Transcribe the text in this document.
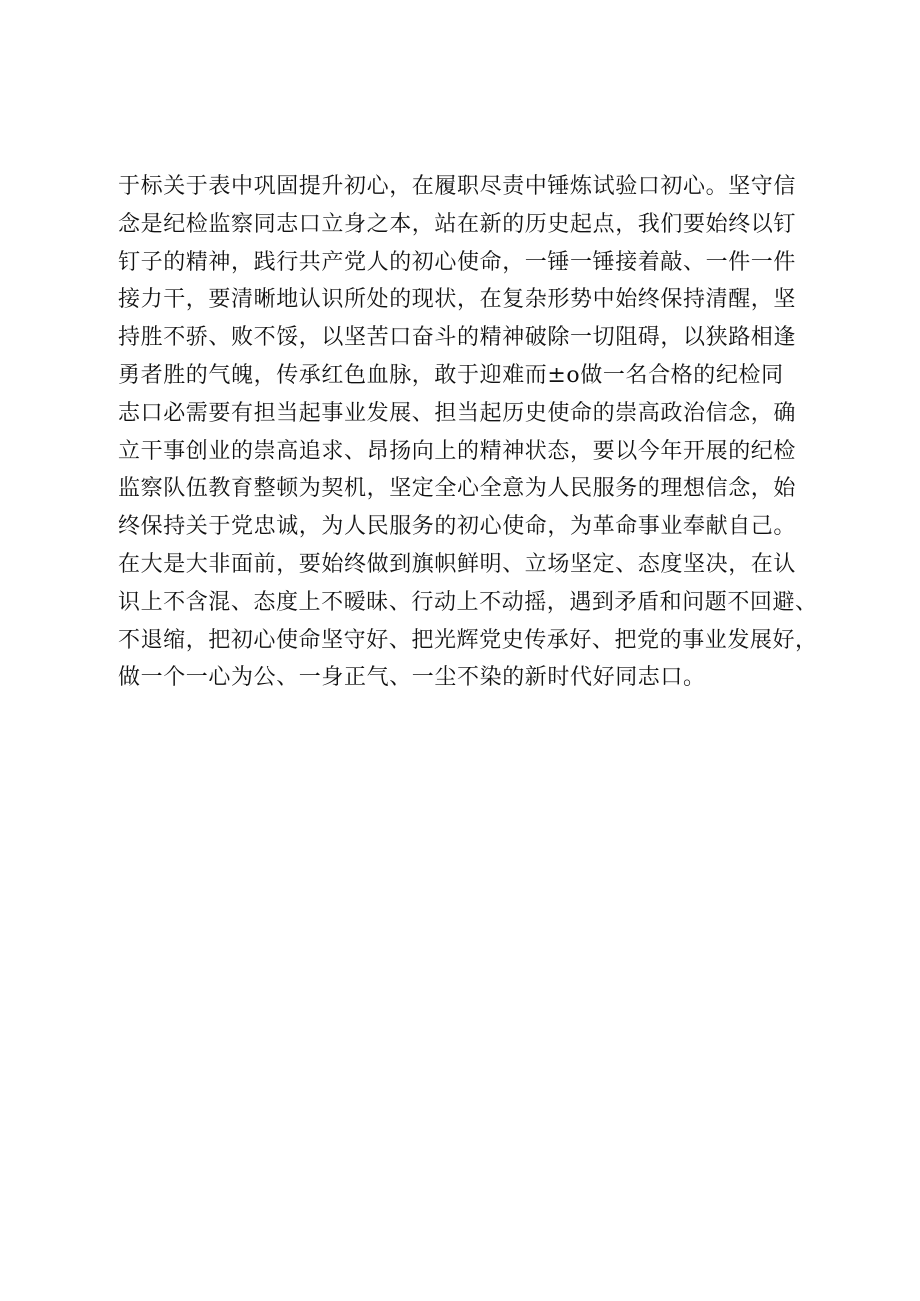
于标关于表中巩固提升初心，在履职尽责中锤炼试验口初心。坚守信
念是纪检监察同志口立身之本，站在新的历史起点，我们要始终以钉
钉子的精神，践行共产党人的初心使命，一锤一锤接着敲、一件一件
接力干，要清晰地认识所处的现状，在复杂形势中始终保持清醒，坚
持胜不骄、败不馁，以坚苦口奋斗的精神破除一切阻碍，以狭路相逢
勇者胜的气魄，传承红色血脉，敢于迎难而±o做一名合格的纪检同
志口必需要有担当起事业发展、担当起历史使命的崇高政治信念，确
立干事创业的崇高追求、昂扬向上的精神状态，要以今年开展的纪检
监察队伍教育整顿为契机，坚定全心全意为人民服务的理想信念，始
终保持关于党忠诚，为人民服务的初心使命，为革命事业奉献自己。
在大是大非面前，要始终做到旗帜鲜明、立场坚定、态度坚决，在认
识上不含混、态度上不暧昧、行动上不动摇，遇到矛盾和问题不回避、
不退缩，把初心使命坚守好、把光辉党史传承好、把党的事业发展好，
做一个一心为公、一身正气、一尘不染的新时代好同志口。
